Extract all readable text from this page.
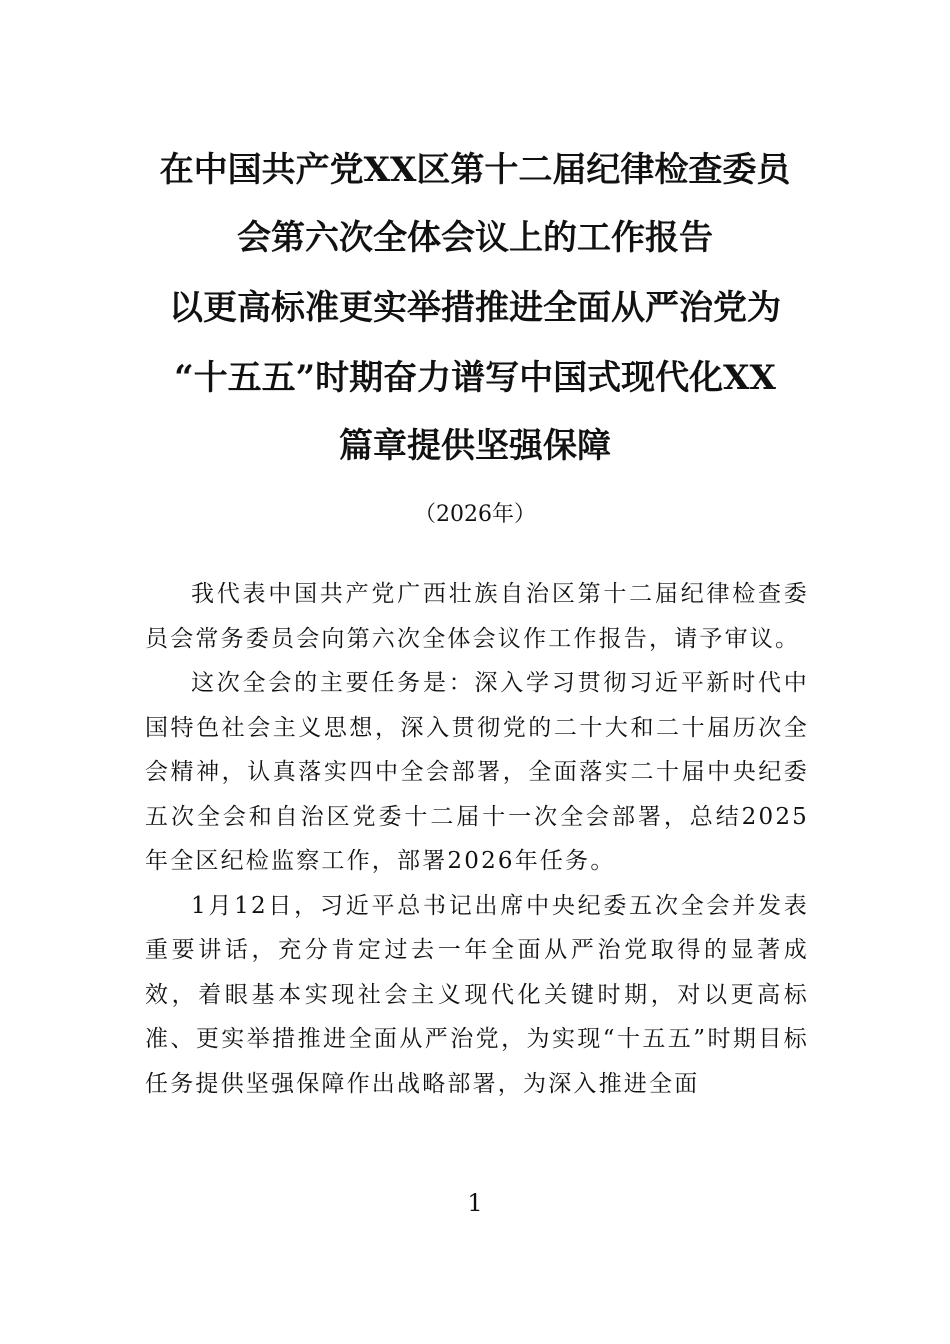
在中国共产党XX区第十二届纪律检查委员
会第六次全体会议上的工作报告
以更高标准更实举措推进全面从严治党为
“十五五”时期奋力谱写中国式现代化XX
篇章提供坚强保障
（2026年）

我代表中国共产党广西壮族自治区第十二届纪律检查委员会常务委员会向第六次全体会议作工作报告，请予审议。

这次全会的主要任务是：深入学习贯彻习近平新时代中国特色社会主义思想，深入贯彻党的二十大和二十届历次全会精神，认真落实四中全会部署，全面落实二十届中央纪委五次全会和自治区党委十二届十一次全会部署，总结2025年全区纪检监察工作，部署2026年任务。

1月12日，习近平总书记出席中央纪委五次全会并发表重要讲话，充分肯定过去一年全面从严治党取得的显著成效，着眼基本实现社会主义现代化关键时期，对以更高标准、更实举措推进全面从严治党，为实现“十五五”时期目标任务提供坚强保障作出战略部署，为深入推进全面

1
